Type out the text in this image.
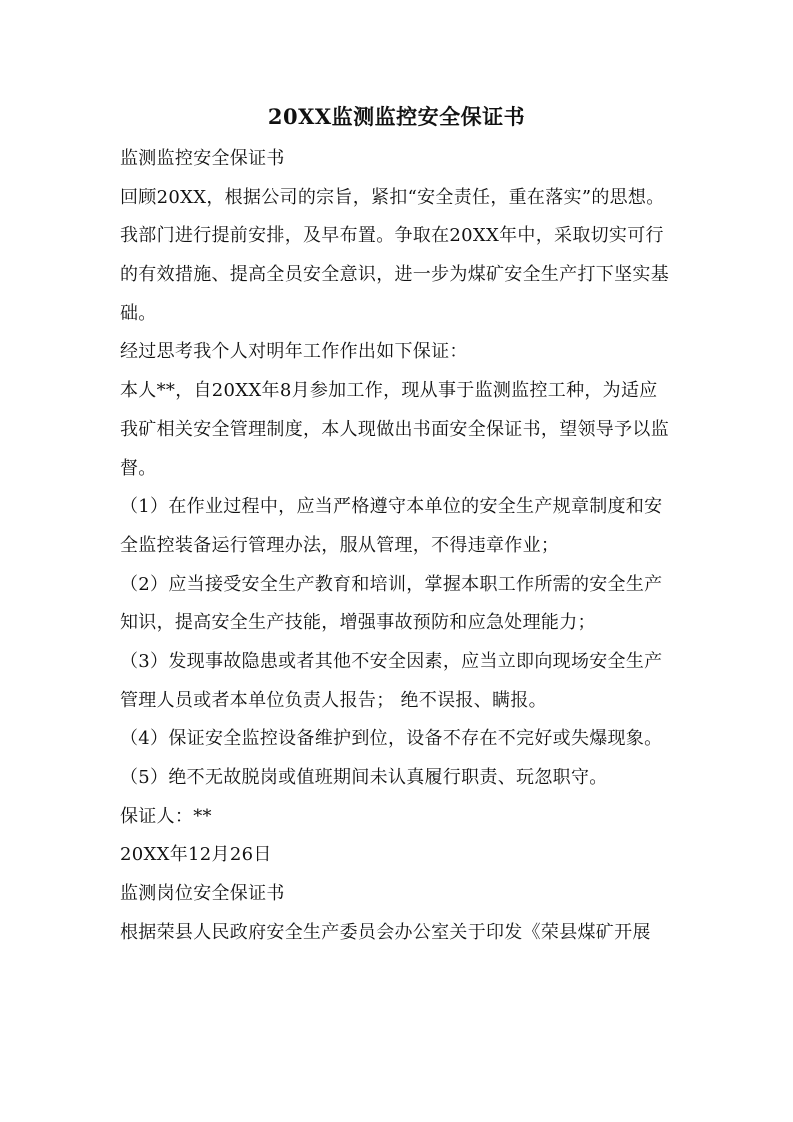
20XX监测监控安全保证书
监测监控安全保证书
回顾20XX，根据公司的宗旨，紧扣“安全责任，重在落实”的思想。
我部门进行提前安排，及早布置。争取在20XX年中，采取切实可行
的有效措施、提高全员安全意识，进一步为煤矿安全生产打下坚实基
础。
经过思考我个人对明年工作作出如下保证：
本人**，自20XX年8月参加工作，现从事于监测监控工种，为适应
我矿相关安全管理制度，本人现做出书面安全保证书，望领导予以监
督。
（1）在作业过程中，应当严格遵守本单位的安全生产规章制度和安
全监控装备运行管理办法，服从管理，不得违章作业；
（2）应当接受安全生产教育和培训，掌握本职工作所需的安全生产
知识，提高安全生产技能，增强事故预防和应急处理能力；
（3）发现事故隐患或者其他不安全因素，应当立即向现场安全生产
管理人员或者本单位负责人报告； 绝不误报、瞒报。
（4）保证安全监控设备维护到位，设备不存在不完好或失爆现象。
（5）绝不无故脱岗或值班期间未认真履行职责、玩忽职守。
保证人：**
20XX年12月26日
监测岗位安全保证书
根据荣县人民政府安全生产委员会办公室关于印发《荣县煤矿开展
